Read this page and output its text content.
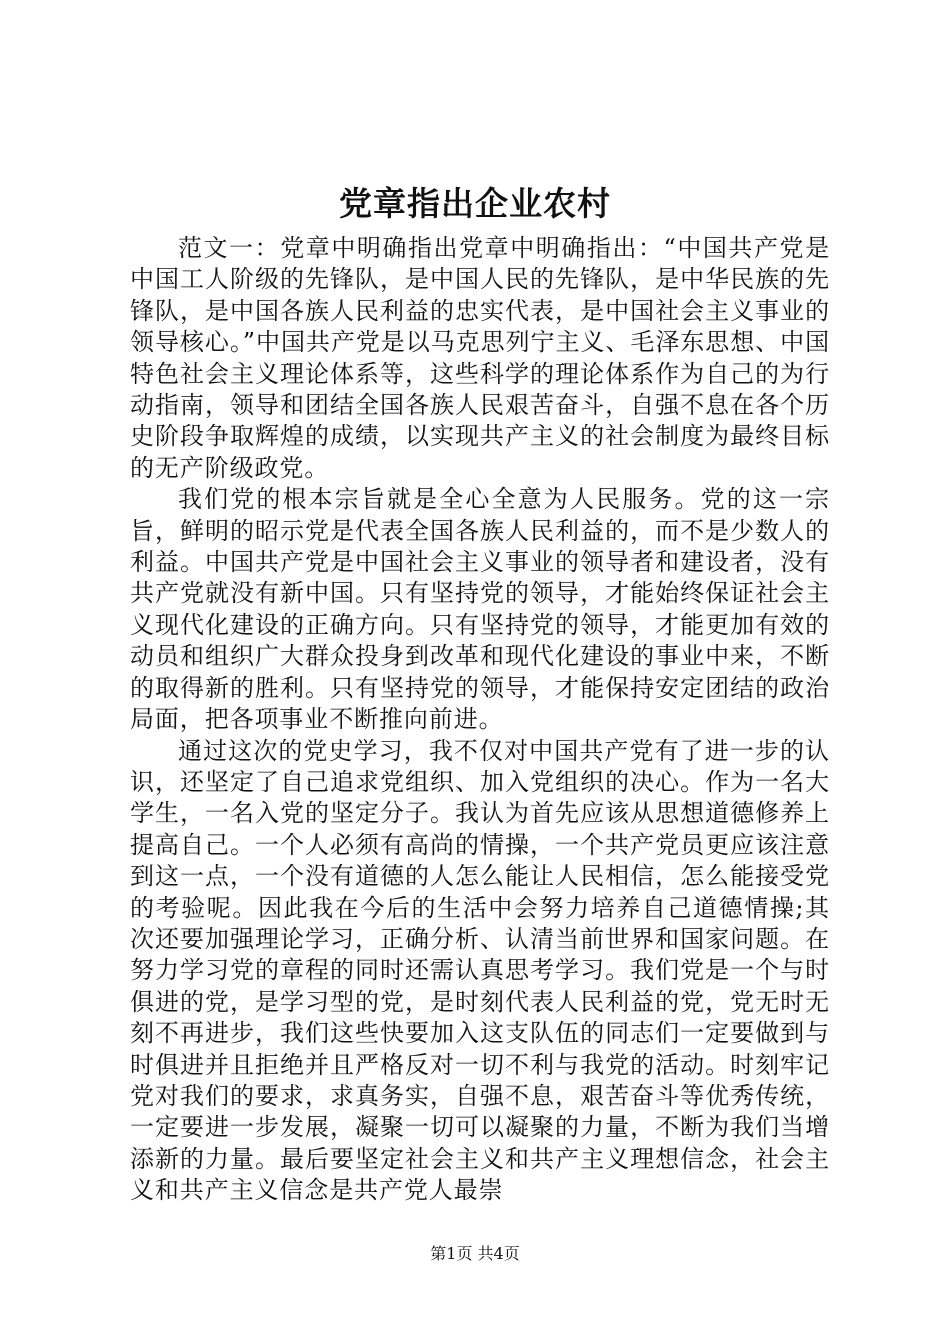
党章指出企业农村

范文一：党章中明确指出党章中明确指出：“中国共产党是中国工人阶级的先锋队，是中国人民的先锋队，是中华民族的先锋队，是中国各族人民利益的忠实代表，是中国社会主义事业的领导核心。”中国共产党是以马克思列宁主义、毛泽东思想、中国特色社会主义理论体系等，这些科学的理论体系作为自己的为行动指南，领导和团结全国各族人民艰苦奋斗，自强不息在各个历史阶段争取辉煌的成绩，以实现共产主义的社会制度为最终目标的无产阶级政党。

我们党的根本宗旨就是全心全意为人民服务。党的这一宗旨，鲜明的昭示党是代表全国各族人民利益的，而不是少数人的利益。中国共产党是中国社会主义事业的领导者和建设者，没有共产党就没有新中国。只有坚持党的领导，才能始终保证社会主义现代化建设的正确方向。只有坚持党的领导，才能更加有效的动员和组织广大群众投身到改革和现代化建设的事业中来，不断的取得新的胜利。只有坚持党的领导，才能保持安定团结的政治局面，把各项事业不断推向前进。

通过这次的党史学习，我不仅对中国共产党有了进一步的认识，还坚定了自己追求党组织、加入党组织的决心。作为一名大学生，一名入党的坚定分子。我认为首先应该从思想道德修养上提高自己。一个人必须有高尚的情操，一个共产党员更应该注意到这一点，一个没有道德的人怎么能让人民相信，怎么能接受党的考验呢。因此我在今后的生活中会努力培养自己道德情操;其次还要加强理论学习，正确分析、认清当前世界和国家问题。在努力学习党的章程的同时还需认真思考学习。我们党是一个与时俱进的党，是学习型的党，是时刻代表人民利益的党，党无时无刻不再进步，我们这些快要加入这支队伍的同志们一定要做到与时俱进并且拒绝并且严格反对一切不利与我党的活动。时刻牢记党对我们的要求，求真务实，自强不息，艰苦奋斗等优秀传统，一定要进一步发展，凝聚一切可以凝聚的力量，不断为我们当增添新的力量。最后要坚定社会主义和共产主义理想信念，社会主义和共产主义信念是共产党人最崇

第1页 共4页
